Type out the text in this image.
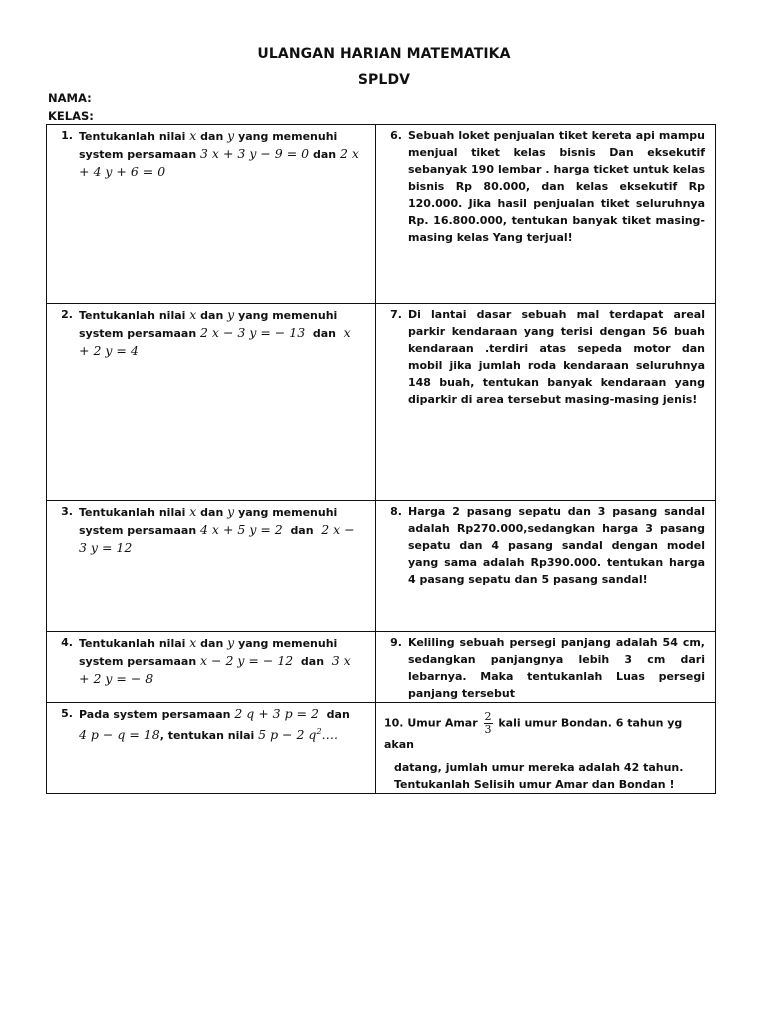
ULANGAN HARIAN MATEMATIKA
SPLDV
NAMA:
KELAS:
1. Tentukanlah nilai x dan y yang memenuhi system persamaan 3 x + 3 y − 9 = 0 dan 2 x + 4 y + 6 = 0	6. Sebuah loket penjualan tiket kereta api mampu menjual tiket kelas bisnis Dan eksekutif sebanyak 190 lembar . harga ticket untuk kelas bisnis Rp 80.000, dan kelas eksekutif Rp 120.000. Jika hasil penjualan tiket seluruhnya Rp. 16.800.000, tentukan banyak tiket masing- masing kelas Yang terjual!

2. Tentukanlah nilai x dan y yang memenuhi system persamaan 2 x − 3 y = − 13 dan x + 2 y = 4	7. Di lantai dasar sebuah mal terdapat areal parkir kendaraan yang terisi dengan 56 buah kendaraan .terdiri atas sepeda motor dan mobil jika jumlah roda kendaraan seluruhnya 148 buah, tentukan banyak kendaraan yang diparkir di area tersebut masing-masing jenis!

3. Tentukanlah nilai x dan y yang memenuhi system persamaan 4 x + 5 y = 2 dan 2 x − 3 y = 12	8. Harga 2 pasang sepatu dan 3 pasang sandal adalah Rp270.000,sedangkan harga 3 pasang sepatu dan 4 pasang sandal dengan model yang sama adalah Rp390.000. tentukan harga 4 pasang sepatu dan 5 pasang sandal!

4. Tentukanlah nilai x dan y yang memenuhi system persamaan x − 2 y = − 12 dan 3 x + 2 y = − 8	9. Keliling sebuah persegi panjang adalah 54 cm, sedangkan panjangnya lebih 3 cm dari lebarnya. Maka tentukanlah Luas persegi panjang tersebut

5. Pada system persamaan 2 q + 3 p = 2 dan
4 p − q = 18, tentukan nilai 5 p − 2 $q^2\dots$.	10. Umur Amar $\frac{2}{3}$ kali umur Bondan. 6 tahun yg akan

datang, jumlah umur mereka adalah 42 tahun. Tentukanlah Selisih umur Amar dan Bondan !
